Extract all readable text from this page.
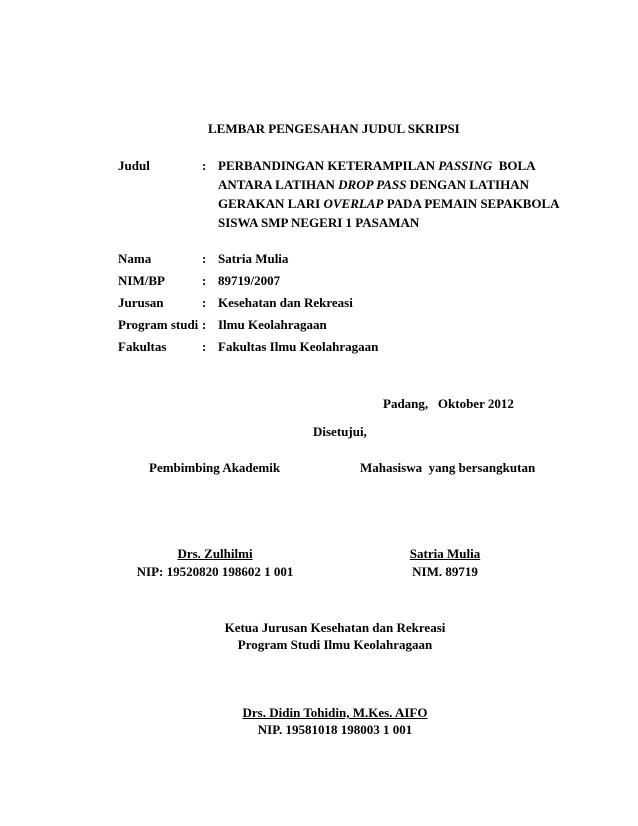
LEMBAR PENGESAHAN JUDUL SKRIPSI
Judul	: PERBANDINGAN KETERAMPILAN PASSING  BOLA
ANTARA LATIHAN DROP PASS DENGAN LATIHAN
GERAKAN LARI OVERLAP PADA PEMAIN SEPAKBOLA
SISWA SMP NEGERI 1 PASAMAN
Nama	: Satria Mulia
NIM/BP	: 89719/2007
Jurusan	: Kesehatan dan Rekreasi
Program studi : Ilmu Keolahragaan
Fakultas	: Fakultas Ilmu Keolahragaan
Padang,   Oktober 2012
Disetujui,
Pembimbing Akademik	Mahasiswa  yang bersangkutan
Drs. Zulhilmi
NIP: 19520820 198602 1 001
Satria Mulia
NIM. 89719
Ketua Jurusan Kesehatan dan Rekreasi
Program Studi Ilmu Keolahragaan
Drs. Didin Tohidin, M.Kes. AIFO
NIP. 19581018 198003 1 001
